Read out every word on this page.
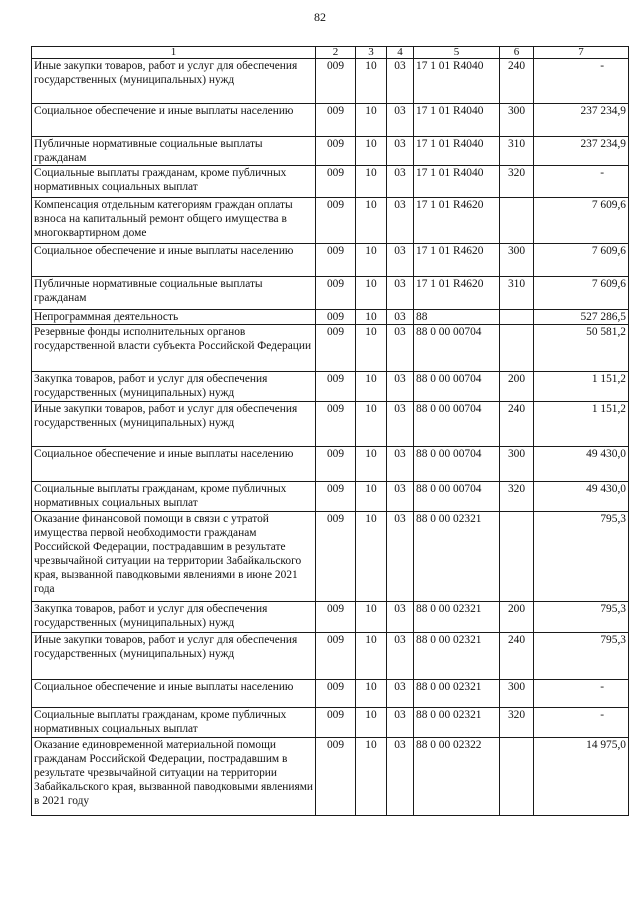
82
1	2	3	4	5	6	7
Иные закупки товаров, работ и услуг для обеспечения государственных (муниципальных) нужд	009	10	03	17 1 01 R4040	240	-
Социальное обеспечение и иные выплаты населению	009	10	03	17 1 01 R4040	300	237 234,9
Публичные нормативные социальные выплаты гражданам	009	10	03	17 1 01 R4040	310	237 234,9
Социальные выплаты гражданам, кроме публичных нормативных социальных выплат	009	10	03	17 1 01 R4040	320	-
Компенсация отдельным категориям граждан оплаты взноса на капитальный ремонт общего имущества в многоквартирном доме	009	10	03	17 1 01 R4620		7 609,6
Социальное обеспечение и иные выплаты населению	009	10	03	17 1 01 R4620	300	7 609,6
Публичные нормативные социальные выплаты гражданам	009	10	03	17 1 01 R4620	310	7 609,6
Непрограммная деятельность	009	10	03	88		527 286,5
Резервные фонды исполнительных органов государственной власти субъекта Российской Федерации	009	10	03	88 0 00 00704		50 581,2
Закупка товаров, работ и услуг для обеспечения государственных (муниципальных) нужд	009	10	03	88 0 00 00704	200	1 151,2
Иные закупки товаров, работ и услуг для обеспечения государственных (муниципальных) нужд	009	10	03	88 0 00 00704	240	1 151,2
Социальное обеспечение и иные выплаты населению	009	10	03	88 0 00 00704	300	49 430,0
Социальные выплаты гражданам, кроме публичных нормативных социальных выплат	009	10	03	88 0 00 00704	320	49 430,0
Оказание финансовой помощи в связи с утратой имущества первой необходимости гражданам Российской Федерации, пострадавшим в результате чрезвычайной ситуации на территории Забайкальского края, вызванной паводковыми явлениями в июне 2021 года	009	10	03	88 0 00 02321		795,3
Закупка товаров, работ и услуг для обеспечения государственных (муниципальных) нужд	009	10	03	88 0 00 02321	200	795,3
Иные закупки товаров, работ и услуг для обеспечения государственных (муниципальных) нужд	009	10	03	88 0 00 02321	240	795,3
Социальное обеспечение и иные выплаты населению	009	10	03	88 0 00 02321	300	-
Социальные выплаты гражданам, кроме публичных нормативных социальных выплат	009	10	03	88 0 00 02321	320	-
Оказание единовременной материальной помощи гражданам Российской Федерации, пострадавшим в результате чрезвычайной ситуации на территории Забайкальского края, вызванной паводковыми явлениями в 2021 году	009	10	03	88 0 00 02322		14 975,0
